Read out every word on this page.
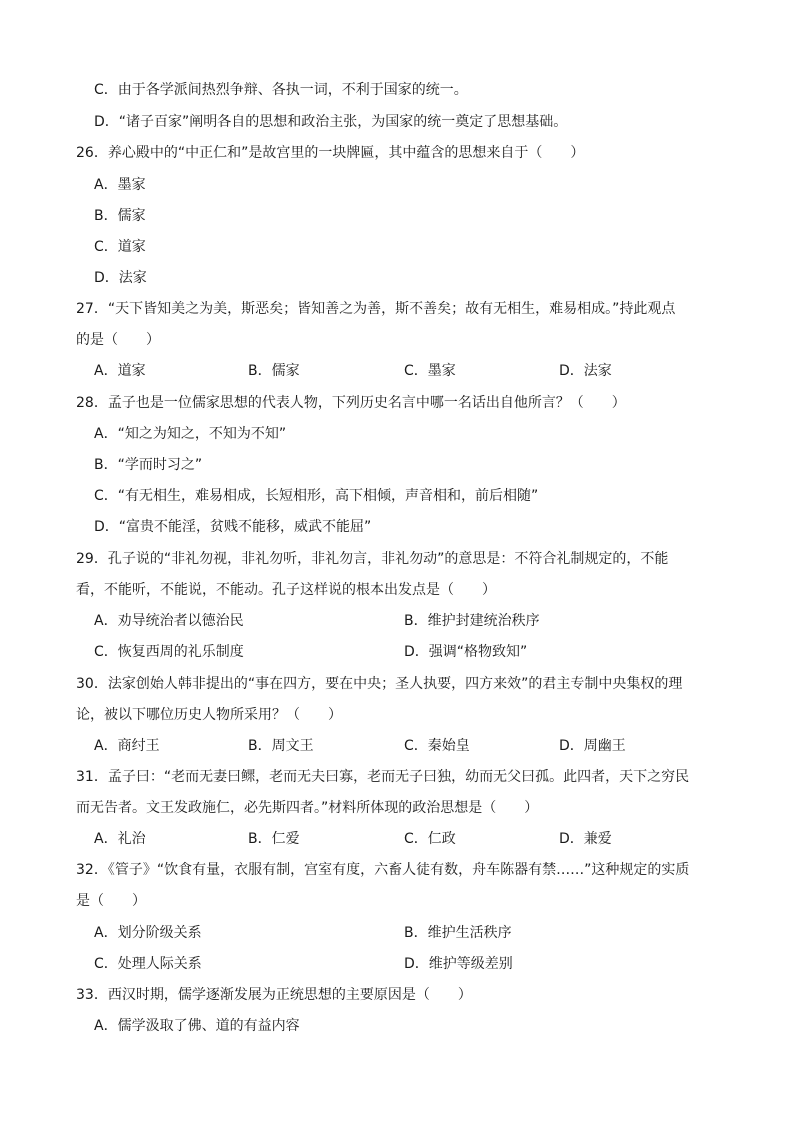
C．由于各学派间热烈争辩、各执一词，不利于国家的统一。
D．“诸子百家”阐明各自的思想和政治主张，为国家的统一奠定了思想基础。
26．养心殿中的“中正仁和”是故宫里的一块牌匾，其中蕴含的思想来自于（　　）
A．墨家
B．儒家
C．道家
D．法家
27．“天下皆知美之为美，斯恶矣；皆知善之为善，斯不善矣；故有无相生，难易相成。”持此观点
的是（　　）
A．道家	B．儒家	C．墨家	D．法家
28．孟子也是一位儒家思想的代表人物，下列历史名言中哪一名话出自他所言？（　　）
A．“知之为知之，不知为不知”
B．“学而时习之”
C．“有无相生，难易相成，长短相形，高下相倾，声音相和，前后相随”
D．“富贵不能淫，贫贱不能移，威武不能屈”
29．孔子说的“非礼勿视，非礼勿听，非礼勿言，非礼勿动”的意思是：不符合礼制规定的，不能
看，不能听，不能说，不能动。孔子这样说的根本出发点是（　　）
A．劝导统治者以德治民	B．维护封建统治秩序
C．恢复西周的礼乐制度	D．强调“格物致知”
30．法家创始人韩非提出的“事在四方，要在中央；圣人执要，四方来效”的君主专制中央集权的理
论，被以下哪位历史人物所采用？（　　）
A．商纣王	B．周文王	C．秦始皇	D．周幽王
31．孟子曰：“老而无妻曰鳏，老而无夫曰寡，老而无子曰独，幼而无父曰孤。此四者，天下之穷民
而无告者。文王发政施仁，必先斯四者。”材料所体现的政治思想是（　　）
A．礼治	B．仁爱	C．仁政	D．兼爱
32．《管子》“饮食有量，衣服有制，宫室有度，六畜人徒有数，舟车陈器有禁……”这种规定的实质
是（　　）
A．划分阶级关系	B．维护生活秩序
C．处理人际关系	D．维护等级差别
33．西汉时期，儒学逐渐发展为正统思想的主要原因是（　　）
A．儒学汲取了佛、道的有益内容
